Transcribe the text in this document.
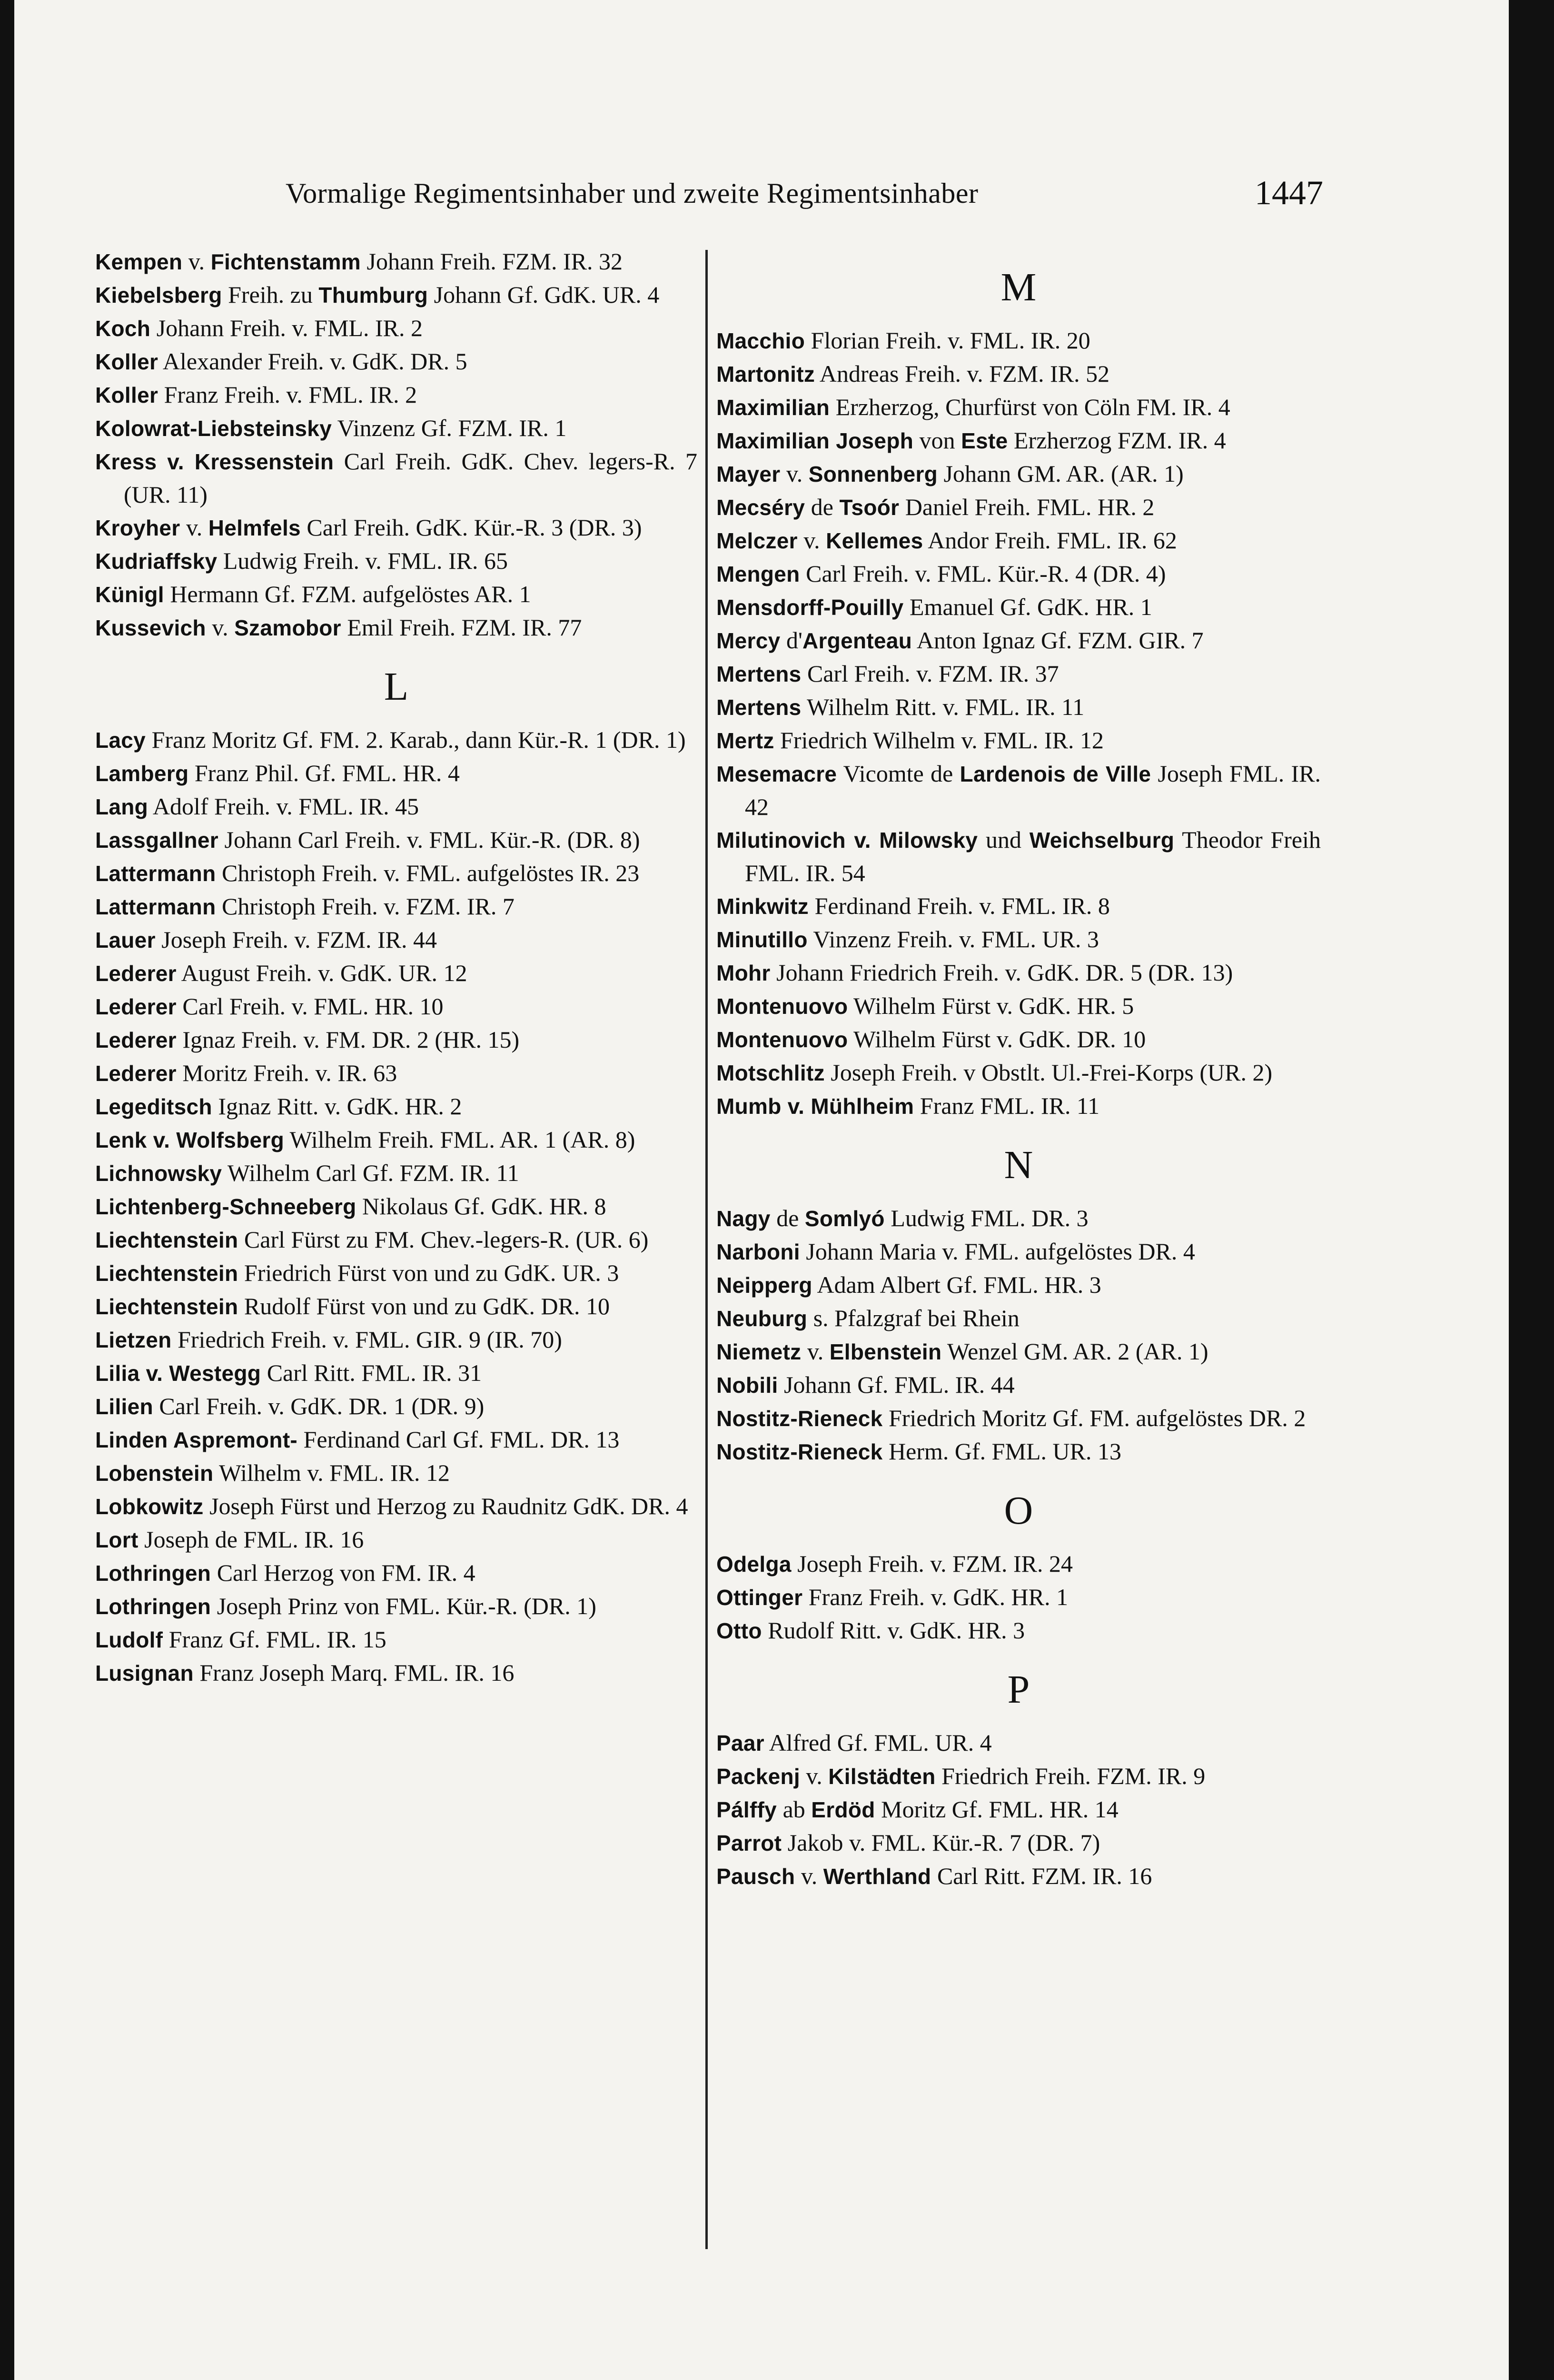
Vormalige Regimentsinhaber und zweite Regimentsinhaber	1447

Kempen v. Fichtenstamm Johann Freih. FZM. IR. 32

Kiebelsberg Freih. zu Thumburg Johann Gf. GdK. UR. 4

Koch Johann Freih. v. FML. IR. 2

Koller Alexander Freih. v. GdK. DR. 5

Koller Franz Freih. v. FML. IR. 2

Kolowrat-Liebsteinsky Vinzenz Gf. FZM. IR. 1

Kress v. Kressenstein Carl Freih. GdK. Chev. legers-R. 7 (UR. 11)

Kroyher v. Helmfels Carl Freih. GdK. Kür.-R. 3 (DR. 3)

Kudriaffsky Ludwig Freih. v. FML. IR. 65

Künigl Hermann Gf. FZM. aufgelöstes AR. 1

Kussevich v. Szamobor Emil Freih. FZM. IR. 77

L

Lacy Franz Moritz Gf. FM. 2. Karab., dann Kür.-R. 1 (DR. 1)

Lamberg Franz Phil. Gf. FML. HR. 4

Lang Adolf Freih. v. FML. IR. 45

Lassgallner Johann Carl Freih. v. FML. Kür.-R. (DR. 8)

Lattermann Christoph Freih. v. FML. aufgelöstes IR. 23

Lattermann Christoph Freih. v. FZM. IR. 7

Lauer Joseph Freih. v. FZM. IR. 44

Lederer August Freih. v. GdK. UR. 12

Lederer Carl Freih. v. FML. HR. 10

Lederer Ignaz Freih. v. FM. DR. 2 (HR. 15)

Lederer Moritz Freih. v. IR. 63

Legeditsch Ignaz Ritt. v. GdK. HR. 2

Lenk v. Wolfsberg Wilhelm Freih. FML. AR. 1 (AR. 8)

Lichnowsky Wilhelm Carl Gf. FZM. IR. 11

Lichtenberg-Schneeberg Nikolaus Gf. GdK. HR. 8

Liechtenstein Carl Fürst zu FM. Chev.-legers-R. (UR. 6)

Liechtenstein Friedrich Fürst von und zu GdK. UR. 3

Liechtenstein Rudolf Fürst von und zu GdK. DR. 10

Lietzen Friedrich Freih. v. FML. GIR. 9 (IR. 70)

Lilia v. Westegg Carl Ritt. FML. IR. 31

Lilien Carl Freih. v. GdK. DR. 1 (DR. 9)

Linden Aspremont- Ferdinand Carl Gf. FML. DR. 13

Lobenstein Wilhelm v. FML. IR. 12

Lobkowitz Joseph Fürst und Herzog zu Raudnitz GdK. DR. 4

Lort Joseph de FML. IR. 16

Lothringen Carl Herzog von FM. IR. 4

Lothringen Joseph Prinz von FML. Kür.-R. (DR. 1)

Ludolf Franz Gf. FML. IR. 15

Lusignan Franz Joseph Marq. FML. IR. 16

M

Macchio Florian Freih. v. FML. IR. 20

Martonitz Andreas Freih. v. FZM. IR. 52

Maximilian Erzherzog, Churfürst von Cöln FM. IR. 4

Maximilian Joseph von Este Erzherzog FZM. IR. 4

Mayer v. Sonnenberg Johann GM. AR. (AR. 1)

Mecséry de Tsoór Daniel Freih. FML. HR. 2

Melczer v. Kellemes Andor Freih. FML. IR. 62

Mengen Carl Freih. v. FML. Kür.-R. 4 (DR. 4)

Mensdorff-Pouilly Emanuel Gf. GdK. HR. 1

Mercy d'Argenteau Anton Ignaz Gf. FZM. GIR. 7

Mertens Carl Freih. v. FZM. IR. 37

Mertens Wilhelm Ritt. v. FML. IR. 11

Mertz Friedrich Wilhelm v. FML. IR. 12

Mesemacre Vicomte de Lardenois de Ville Joseph FML. IR. 42

Milutinovich v. Milowsky und Weichselburg Theodor Freih FML. IR. 54

Minkwitz Ferdinand Freih. v. FML. IR. 8

Minutillo Vinzenz Freih. v. FML. UR. 3

Mohr Johann Friedrich Freih. v. GdK. DR. 5 (DR. 13)

Montenuovo Wilhelm Fürst v. GdK. HR. 5

Montenuovo Wilhelm Fürst v. GdK. DR. 10

Motschlitz Joseph Freih. v Obstlt. Ul.-Frei-Korps (UR. 2)

Mumb v. Mühlheim Franz FML. IR. 11

N

Nagy de Somlyó Ludwig FML. DR. 3

Narboni Johann Maria v. FML. aufgelöstes DR. 4

Neipperg Adam Albert Gf. FML. HR. 3

Neuburg s. Pfalzgraf bei Rhein

Niemetz v. Elbenstein Wenzel GM. AR. 2 (AR. 1)

Nobili Johann Gf. FML. IR. 44

Nostitz-Rieneck Friedrich Moritz Gf. FM. aufgelöstes DR. 2

Nostitz-Rieneck Herm. Gf. FML. UR. 13

O

Odelga Joseph Freih. v. FZM. IR. 24

Ottinger Franz Freih. v. GdK. HR. 1

Otto Rudolf Ritt. v. GdK. HR. 3

P

Paar Alfred Gf. FML. UR. 4

Packenj v. Kilstädten Friedrich Freih. FZM. IR. 9

Pálffy ab Erdöd Moritz Gf. FML. HR. 14

Parrot Jakob v. FML. Kür.-R. 7 (DR. 7)

Pausch v. Werthland Carl Ritt. FZM. IR. 16
